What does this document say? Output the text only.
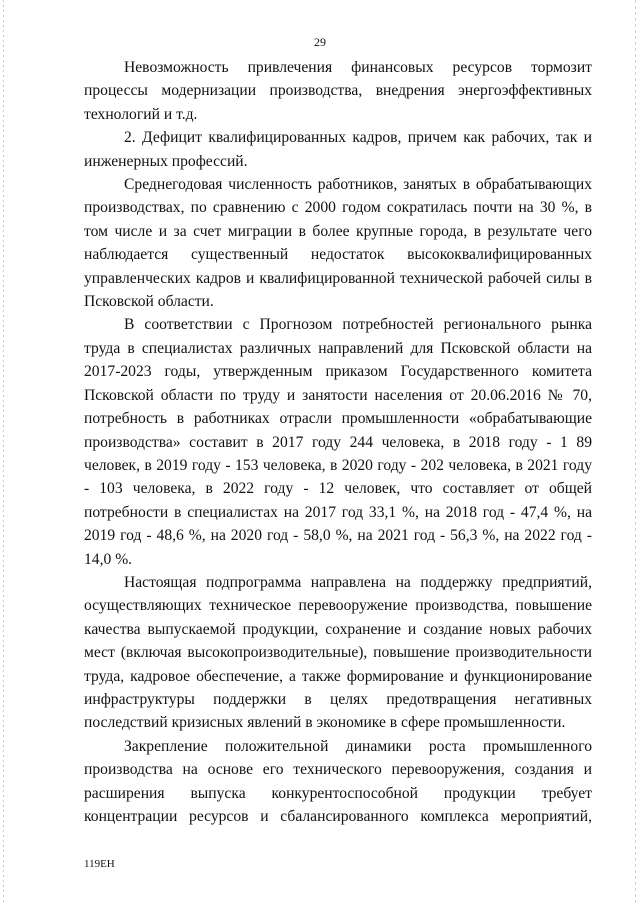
29

Невозможность привлечения финансовых ресурсов тормозит процессы модернизации производства, внедрения энергоэффективных технологий и т.д.

2. Дефицит квалифицированных кадров, причем как рабочих, так и инженерных профессий.

Среднегодовая численность работников, занятых в обрабатывающих производствах, по сравнению с 2000 годом сократилась почти на 30 %, в том числе и за счет миграции в более крупные города, в результате чего наблюдается существенный недостаток высококвалифицированных управленческих кадров и квалифицированной технической рабочей силы в Псковской области.

В соответствии с Прогнозом потребностей регионального рынка труда в специалистах различных направлений для Псковской области на 2017-2023 годы, утвержденным приказом Государственного комитета Псковской области по труду и занятости населения от 20.06.2016 № 70, потребность в работниках отрасли промышленности «обрабатывающие производства» составит в 2017 году 244 человека, в 2018 году - 1 89 человек, в 2019 году - 153 человека, в 2020 году - 202 человека, в 2021 году - 103 человека, в 2022 году - 12 человек, что составляет от общей потребности в специалистах на 2017 год 33,1 %, на 2018 год - 47,4 %, на 2019 год - 48,6 %, на 2020 год - 58,0 %, на 2021 год - 56,3 %, на 2022 год - 14,0 %.

Настоящая подпрограмма направлена на поддержку предприятий, осуществляющих техническое перевооружение производства, повышение качества выпускаемой продукции, сохранение и создание новых рабочих мест (включая высокопроизводительные), повышение производительности труда, кадровое обеспечение, а также формирование и функционирование инфраструктуры поддержки в целях предотвращения негативных последствий кризисных явлений в экономике в сфере промышленности.

Закрепление положительной динамики роста промышленного производства на основе его технического перевооружения, создания и расширения выпуска конкурентоспособной продукции требует концентрации ресурсов и сбалансированного комплекса мероприятий,

119ЕН
